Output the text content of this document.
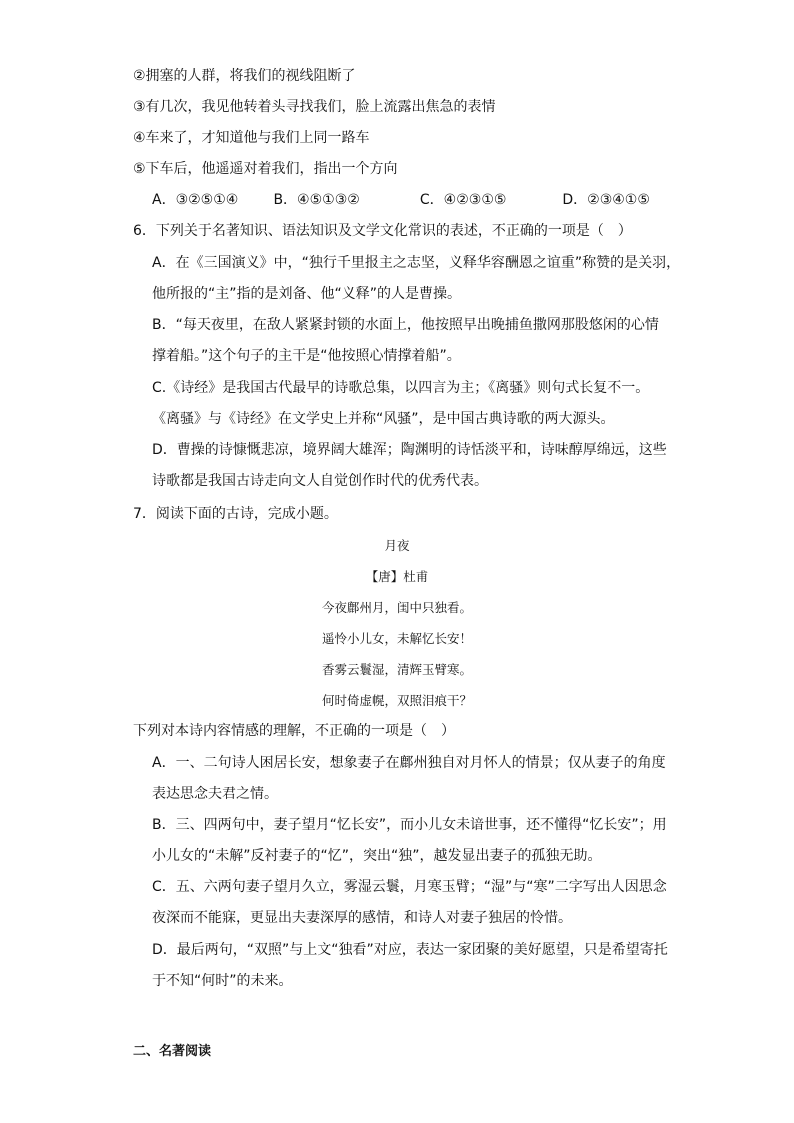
②拥塞的人群，将我们的视线阻断了
③有几次，我见他转着头寻找我们，脸上流露出焦急的表情
④车来了，才知道他与我们上同一路车
⑤下车后，他遥遥对着我们，指出一个方向
A．③②⑤①④	B．④⑤①③②	C．④②③①⑤	D．②③④①⑤
6．下列关于名著知识、语法知识及文学文化常识的表述，不正确的一项是（　）
A．在《三国演义》中，“独行千里报主之志坚，义释华容酬恩之谊重”称赞的是关羽，
他所报的“主”指的是刘备、他“义释”的人是曹操。
B．“每天夜里，在敌人紧紧封锁的水面上，他按照早出晚捕鱼撒网那股悠闲的心情
撑着船。”这个句子的主干是“他按照心情撑着船”。
C.《诗经》是我国古代最早的诗歌总集，以四言为主；《离骚》则句式长复不一。
《离骚》与《诗经》在文学史上并称“风骚”，是中国古典诗歌的两大源头。
D．曹操的诗慷慨悲凉，境界阔大雄浑；陶渊明的诗恬淡平和，诗味醇厚绵远，这些
诗歌都是我国古诗走向文人自觉创作时代的优秀代表。
7．阅读下面的古诗，完成小题。
月夜
【唐】杜甫
今夜鄜州月，闺中只独看。
遥怜小儿女，未解忆长安！
香雾云鬟湿，清辉玉臂寒。
何时倚虚幌，双照泪痕干？
下列对本诗内容情感的理解，不正确的一项是（　）
A．一、二句诗人困居长安，想象妻子在鄜州独自对月怀人的情景；仅从妻子的角度
表达思念夫君之情。
B．三、四两句中，妻子望月“忆长安”，而小儿女未谙世事，还不懂得“忆长安”；用
小儿女的“未解”反衬妻子的“忆”，突出“独”，越发显出妻子的孤独无助。
C．五、六两句妻子望月久立，雾湿云鬟，月寒玉臂；“湿”与“寒”二字写出人因思念
夜深而不能寐，更显出夫妻深厚的感情，和诗人对妻子独居的怜惜。
D．最后两句，“双照”与上文“独看”对应，表达一家团聚的美好愿望，只是希望寄托
于不知“何时”的未来。
二、名著阅读
